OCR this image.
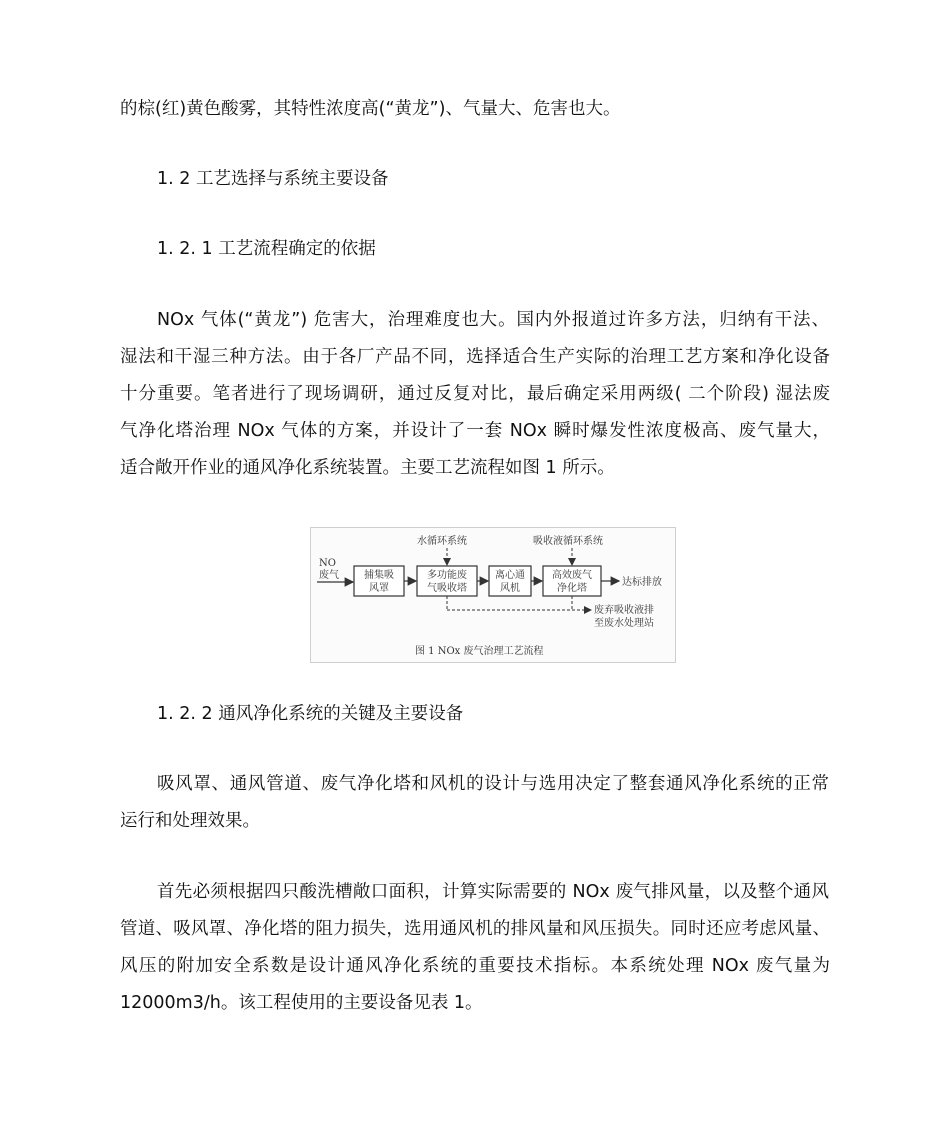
的棕(红)黄色酸雾，其特性浓度高(“黄龙”)、气量大、危害也大。
1. 2 工艺选择与系统主要设备
1. 2. 1 工艺流程确定的依据
NOx 气体(“黄龙”) 危害大，治理难度也大。国内外报道过许多方法，归纳有干法、
湿法和干湿三种方法。由于各厂产品不同，选择适合生产实际的治理工艺方案和净化设备
十分重要。笔者进行了现场调研，通过反复对比，最后确定采用两级( 二个阶段) 湿法废
气净化塔治理 NOx 气体的方案，并设计了一套 NOx 瞬时爆发性浓度极高、废气量大，
适合敞开作业的通风净化系统装置。主要工艺流程如图 1 所示。
NO
废气	捕集吸
风罩
多功能废
气吸收塔
离心通
风机
高效废气
净化塔
达标排放
水循环系统	吸收液循环系统
废弃吸收液排
至废水处理站
图 1 NOx 废气治理工艺流程
1. 2. 2 通风净化系统的关键及主要设备
吸风罩、通风管道、废气净化塔和风机的设计与选用决定了整套通风净化系统的正常
运行和处理效果。
首先必须根据四只酸洗槽敞口面积，计算实际需要的 NOx 废气排风量，以及整个通风
管道、吸风罩、净化塔的阻力损失，选用通风机的排风量和风压损失。同时还应考虑风量、
风压的附加安全系数是设计通风净化系统的重要技术指标。本系统处理 NOx 废气量为
12000m3/h。该工程使用的主要设备见表 1。
